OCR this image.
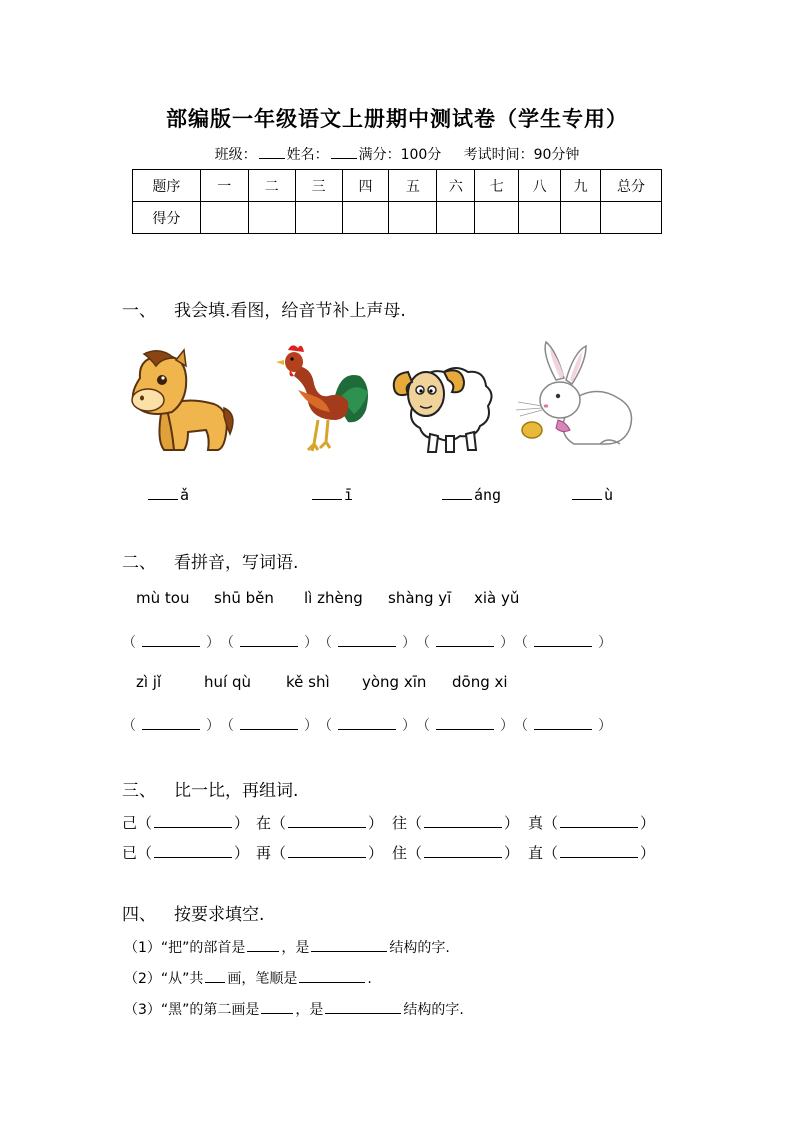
部编版一年级语文上册期中测试卷（学生专用）
班级： 姓名： 满分：100分 考试时间：90分钟
题序	一	二	三	四	五	六	七	八	九	总分
得分										
一、 我会填.看图，给音节补上声母.
ǎ	ī	áng	ù
二、 看拼音，写词语.
mù tou shū běn lì zhèng shàng yī xià yǔ
（	） （	） （	） （	） （	）
zì jǐ	huí qù kě shì yòng xīn dōng xi
（	） （	） （	） （	） （	）
三、 比一比，再组词.
己（	） 在（	） 往（	） 真（	）
已（	） 再（	） 住（	） 直（	）
四、 按要求填空.
（1）“把”的部首是	，是	结构的字.
（2）“从”共 画，笔顺是	.
（3）“黑”的第二画是	，是	结构的字.
